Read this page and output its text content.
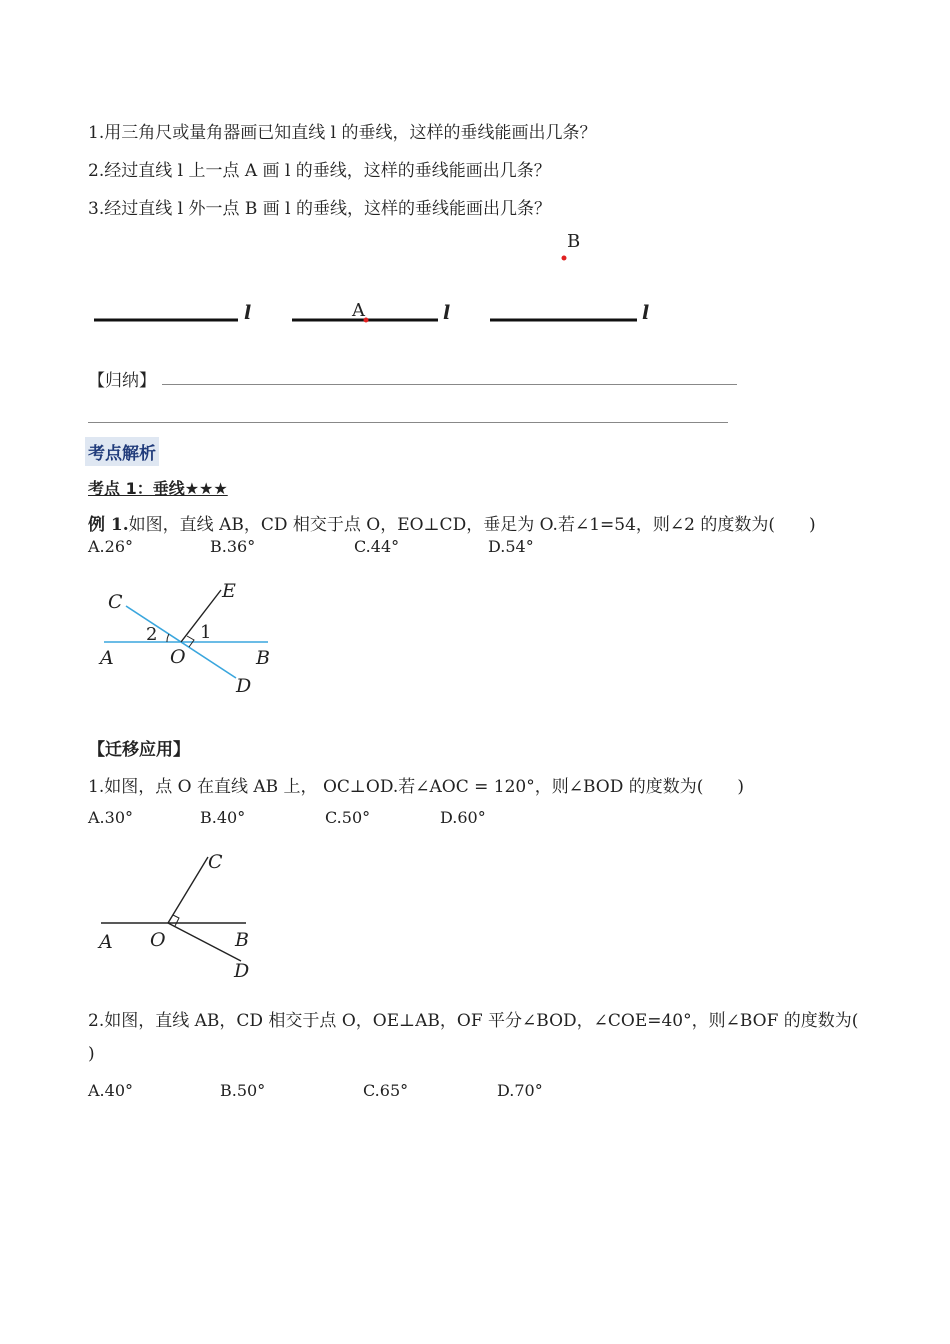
1.用三角尺或量角器画已知直线 l 的垂线，这样的垂线能画出几条？
2.经过直线 l 上一点 A 画 l 的垂线，这样的垂线能画出几条？
3.经过直线 l 外一点 B 画 l 的垂线，这样的垂线能画出几条？
l	l
A	l
B
【归纳】
考点解析
考点 1：垂线★★★
例 1.如图，直线 AB，CD 相交于点 O，EO⊥CD，垂足为 O.若∠1=54，则∠2 的度数为(　　)
A.26°	B.36°	C.44°	D.54°
C	E
2 1
A	O	B
D
【迁移应用】
1.如图，点 O 在直线 AB 上， OC⊥OD.若∠AOC = 120°，则∠BOD 的度数为(　　)
A.30°	B.40°	C.50°	D.60°
C
A O	B
D
2.如图，直线 AB，CD 相交于点 O，OE⊥AB，OF 平分∠BOD，∠COE=40°，则∠BOF 的度数为(
)
A.40°	B.50°	C.65°	D.70°
